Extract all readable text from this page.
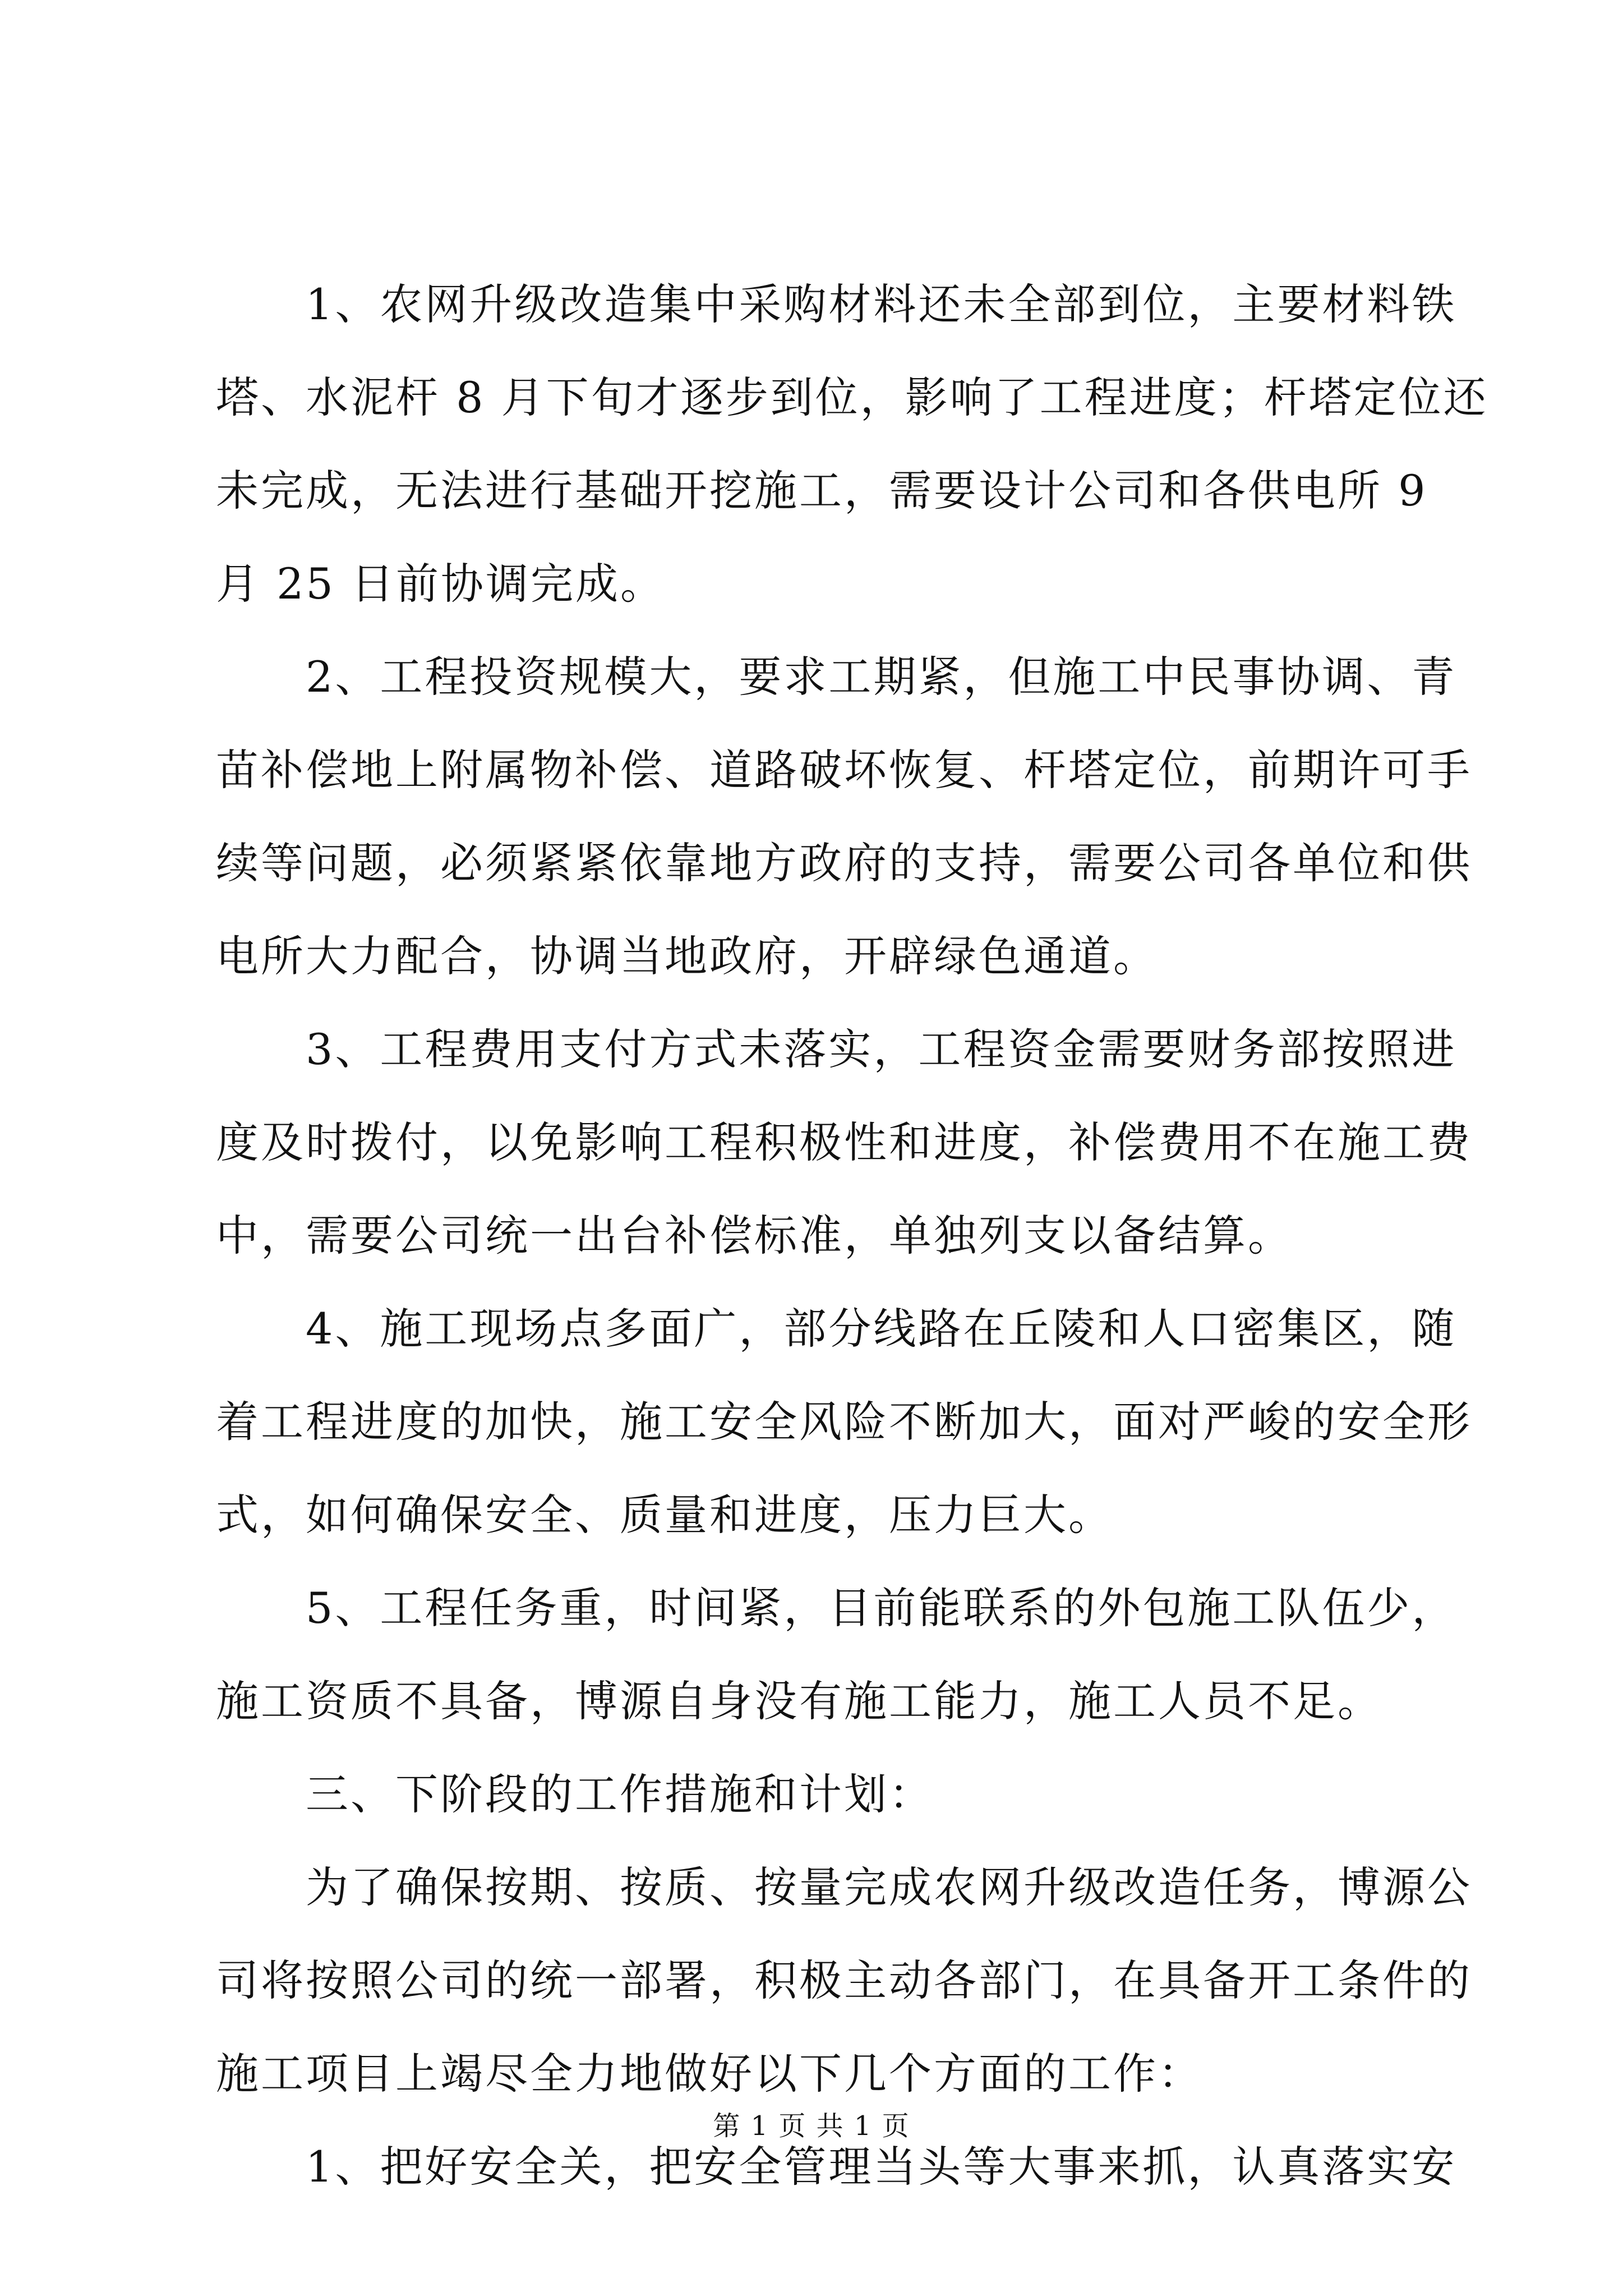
　　1、农网升级改造集中采购材料还未全部到位，主要材料铁
塔、水泥杆 8 月下旬才逐步到位，影响了工程进度；杆塔定位还
未完成，无法进行基础开挖施工，需要设计公司和各供电所 9
月 25 日前协调完成。
　　2、工程投资规模大，要求工期紧，但施工中民事协调、青
苗补偿地上附属物补偿、道路破坏恢复、杆塔定位，前期许可手
续等问题，必须紧紧依靠地方政府的支持，需要公司各单位和供
电所大力配合，协调当地政府，开辟绿色通道。
　　3、工程费用支付方式未落实，工程资金需要财务部按照进
度及时拨付，以免影响工程积极性和进度，补偿费用不在施工费
中，需要公司统一出台补偿标准，单独列支以备结算。
　　4、施工现场点多面广，部分线路在丘陵和人口密集区，随
着工程进度的加快，施工安全风险不断加大，面对严峻的安全形
式，如何确保安全、质量和进度，压力巨大。
　　5、工程任务重，时间紧，目前能联系的外包施工队伍少，
施工资质不具备，博源自身没有施工能力，施工人员不足。
　　三、下阶段的工作措施和计划：
　　为了确保按期、按质、按量完成农网升级改造任务，博源公
司将按照公司的统一部署，积极主动各部门，在具备开工条件的
施工项目上竭尽全力地做好以下几个方面的工作：
　　1、把好安全关，把安全管理当头等大事来抓，认真落实安
第 1 页 共 1 页
